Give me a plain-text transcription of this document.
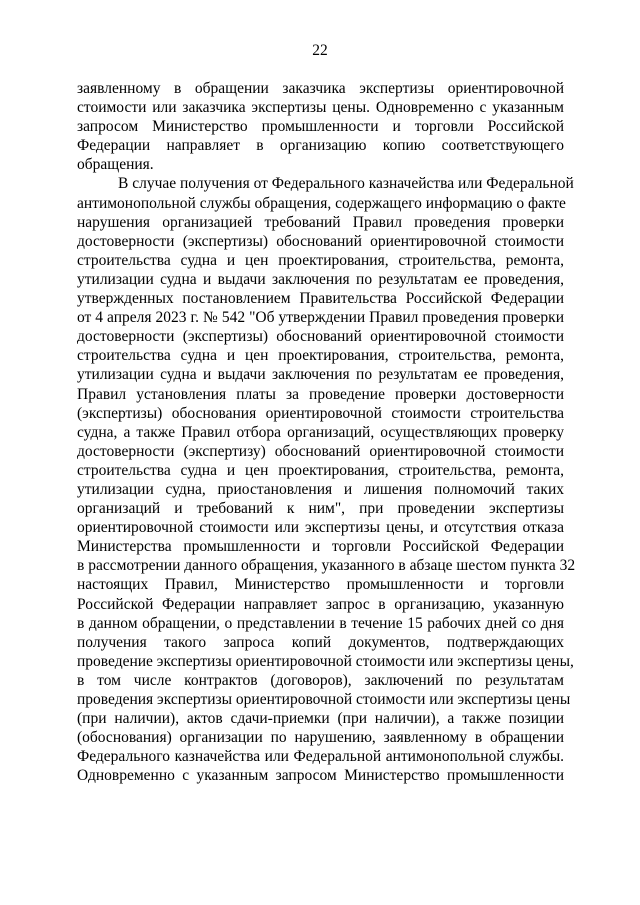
22
заявленному в обращении заказчика экспертизы ориентировочной
стоимости или заказчика экспертизы цены. Одновременно с указанным
запросом Министерство промышленности и торговли Российской
Федерации направляет в организацию копию соответствующего
обращения.
В случае получения от Федерального казначейства или Федеральной
антимонопольной службы обращения, содержащего информацию о факте
нарушения организацией требований Правил проведения проверки
достоверности (экспертизы) обоснований ориентировочной стоимости
строительства судна и цен проектирования, строительства, ремонта,
утилизации судна и выдачи заключения по результатам ее проведения,
утвержденных постановлением Правительства Российской Федерации
от 4 апреля 2023 г. № 542 "Об утверждении Правил проведения проверки
достоверности (экспертизы) обоснований ориентировочной стоимости
строительства судна и цен проектирования, строительства, ремонта,
утилизации судна и выдачи заключения по результатам ее проведения,
Правил установления платы за проведение проверки достоверности
(экспертизы) обоснования ориентировочной стоимости строительства
судна, а также Правил отбора организаций, осуществляющих проверку
достоверности (экспертизу) обоснований ориентировочной стоимости
строительства судна и цен проектирования, строительства, ремонта,
утилизации судна, приостановления и лишения полномочий таких
организаций и требований к ним", при проведении экспертизы
ориентировочной стоимости или экспертизы цены, и отсутствия отказа
Министерства промышленности и торговли Российской Федерации
в рассмотрении данного обращения, указанного в абзаце шестом пункта 32
настоящих Правил, Министерство промышленности и торговли
Российской Федерации направляет запрос в организацию, указанную
в данном обращении, о представлении в течение 15 рабочих дней со дня
получения такого запроса копий документов, подтверждающих
проведение экспертизы ориентировочной стоимости или экспертизы цены,
в том числе контрактов (договоров), заключений по результатам
проведения экспертизы ориентировочной стоимости или экспертизы цены
(при наличии), актов сдачи-приемки (при наличии), а также позиции
(обоснования) организации по нарушению, заявленному в обращении
Федерального казначейства или Федеральной антимонопольной службы.
Одновременно с указанным запросом Министерство промышленности
